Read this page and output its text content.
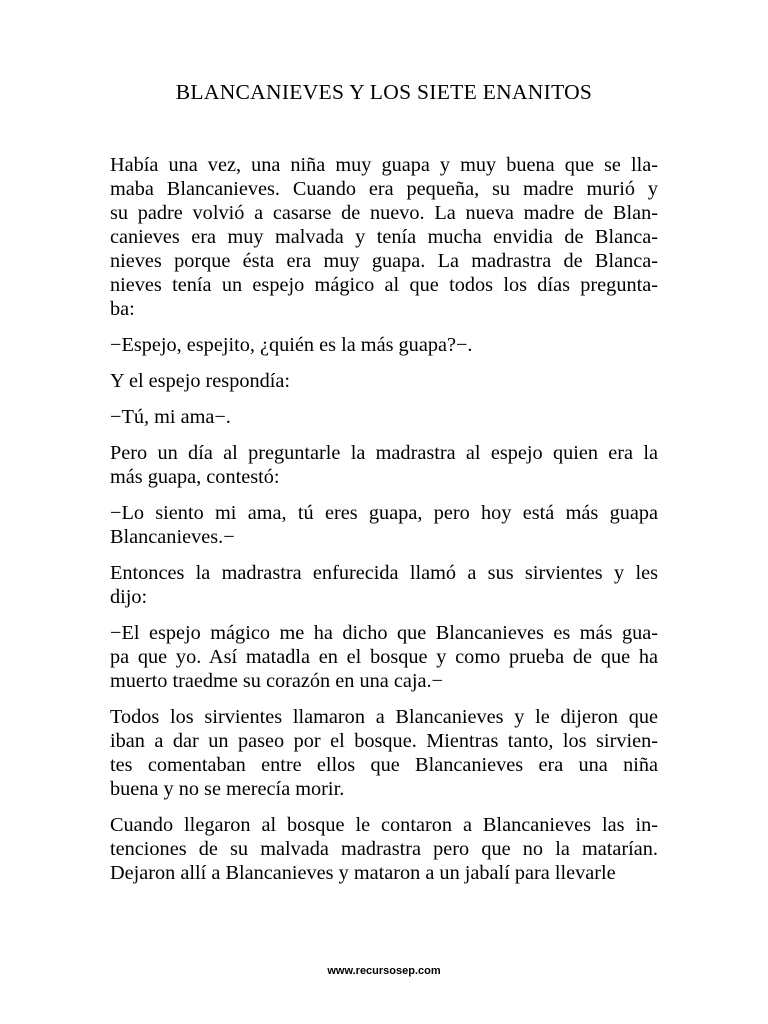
BLANCANIEVES Y LOS SIETE ENANITOS
Había una vez, una niña muy guapa y muy buena que se lla-
maba Blancanieves. Cuando era pequeña, su madre murió y
su padre volvió a casarse de nuevo. La nueva madre de Blan-
canieves era muy malvada y tenía mucha envidia de Blanca-
nieves porque ésta era muy guapa. La madrastra de Blanca-
nieves tenía un espejo mágico al que todos los días pregunta-
ba:
−Espejo, espejito, ¿quién es la más guapa?−.
Y el espejo respondía:
−Tú, mi ama−.
Pero un día al preguntarle la madrastra al espejo quien era la
más guapa, contestó:
−Lo siento mi ama, tú eres guapa, pero hoy está más guapa
Blancanieves.−
Entonces la madrastra enfurecida llamó a sus sirvientes y les
dijo:
−El espejo mágico me ha dicho que Blancanieves es más gua-
pa que yo. Así matadla en el bosque y como prueba de que ha
muerto traedme su corazón en una caja.−
Todos los sirvientes llamaron a Blancanieves y le dijeron que
iban a dar un paseo por el bosque. Mientras tanto, los sirvien-
tes comentaban entre ellos que Blancanieves era una niña
buena y no se merecía morir.
Cuando llegaron al bosque le contaron a Blancanieves las in-
tenciones de su malvada madrastra pero que no la matarían.
Dejaron allí a Blancanieves y mataron a un jabalí para llevarle
www.recursosep.com
